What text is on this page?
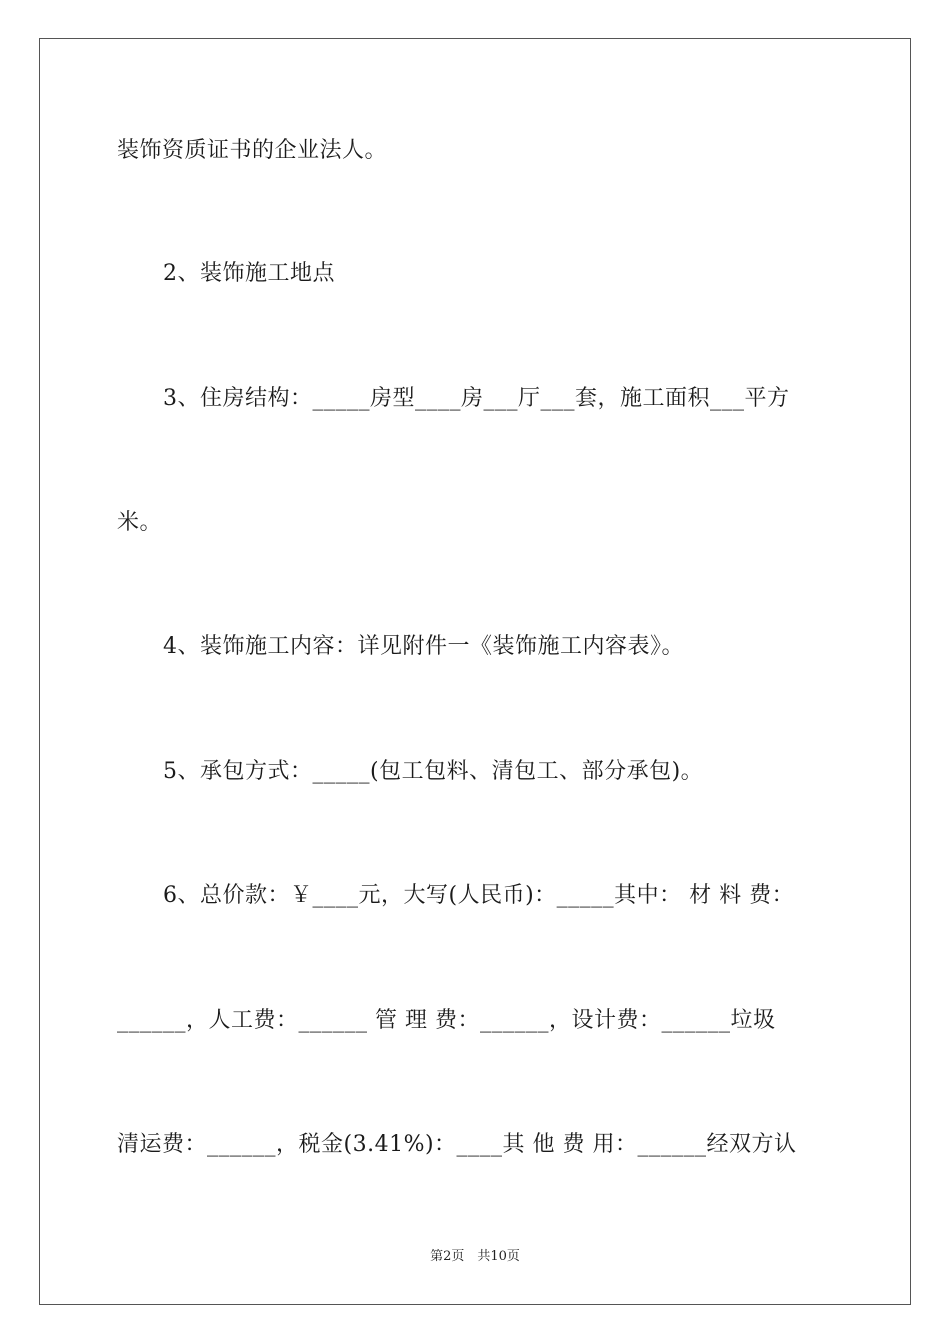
装饰资质证书的企业法人。
2、装饰施工地点
3、住房结构：_____房型____房___厅___套，施工面积___平方
米。
4、装饰施工内容：详见附件一《装饰施工内容表》。
5、承包方式：_____(包工包料、清包工、部分承包)。
6、总价款：￥____元，大写(人民币)：_____其中： 材 料 费：
______，人工费：______ 管 理 费：______，设计费：______垃圾
清运费：______，税金(3.41%)：____其 他 费 用：______经双方认
第2页　共10页
